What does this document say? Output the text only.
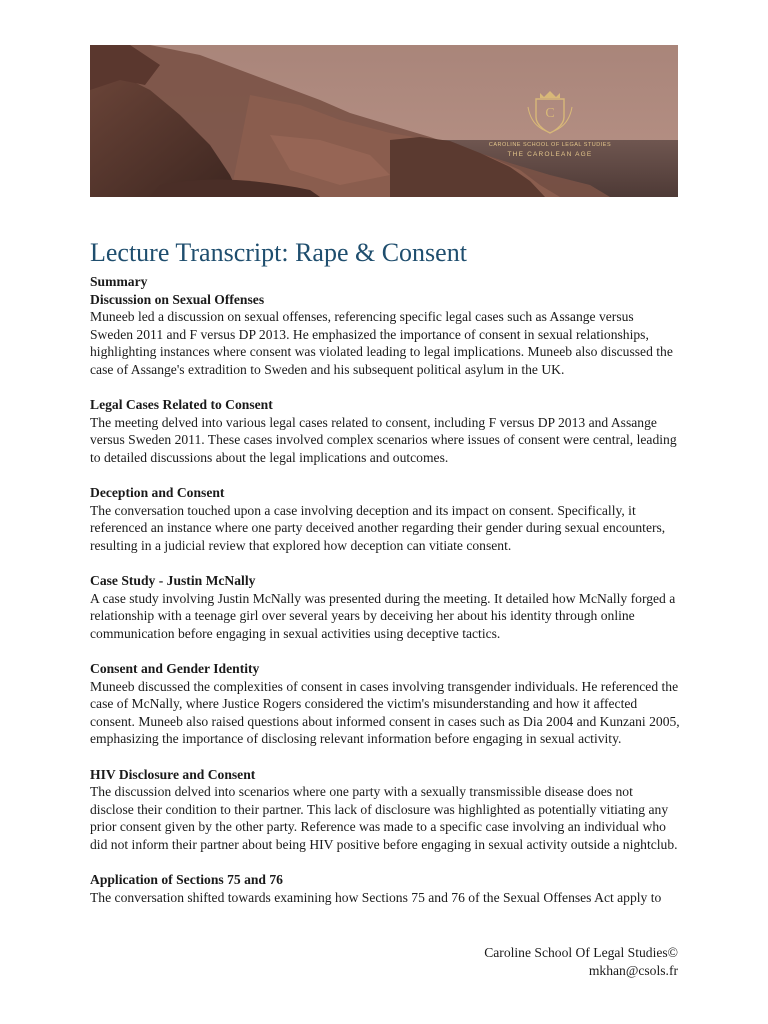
C
CAROLINE SCHOOL OF LEGAL STUDIES
THE CAROLEAN AGE
Lecture Transcript: Rape & Consent
Summary
Discussion on Sexual Offenses

Muneeb led a discussion on sexual offenses, referencing specific legal cases such as Assange versus Sweden 2011 and F versus DP 2013. He emphasized the importance of consent in sexual relationships, highlighting instances where consent was violated leading to legal implications. Muneeb also discussed the case of Assange's extradition to Sweden and his subsequent political asylum in the UK.

Legal Cases Related to Consent

The meeting delved into various legal cases related to consent, including F versus DP 2013 and Assange versus Sweden 2011. These cases involved complex scenarios where issues of consent were central, leading to detailed discussions about the legal implications and outcomes.

Deception and Consent

The conversation touched upon a case involving deception and its impact on consent. Specifically, it referenced an instance where one party deceived another regarding their gender during sexual encounters, resulting in a judicial review that explored how deception can vitiate consent.

Case Study - Justin McNally

A case study involving Justin McNally was presented during the meeting. It detailed how McNally forged a relationship with a teenage girl over several years by deceiving her about his identity through online communication before engaging in sexual activities using deceptive tactics.

Consent and Gender Identity

Muneeb discussed the complexities of consent in cases involving transgender individuals. He referenced the case of McNally, where Justice Rogers considered the victim's misunderstanding and how it affected consent. Muneeb also raised questions about informed consent in cases such as Dia 2004 and Kunzani 2005, emphasizing the importance of disclosing relevant information before engaging in sexual activity.

HIV Disclosure and Consent

The discussion delved into scenarios where one party with a sexually transmissible disease does not disclose their condition to their partner. This lack of disclosure was highlighted as potentially vitiating any prior consent given by the other party. Reference was made to a specific case involving an individual who did not inform their partner about being HIV positive before engaging in sexual activity outside a nightclub.

Application of Sections 75 and 76

The conversation shifted towards examining how Sections 75 and 76 of the Sexual Offenses Act apply to

Caroline School Of Legal Studies©
mkhan@csols.fr
